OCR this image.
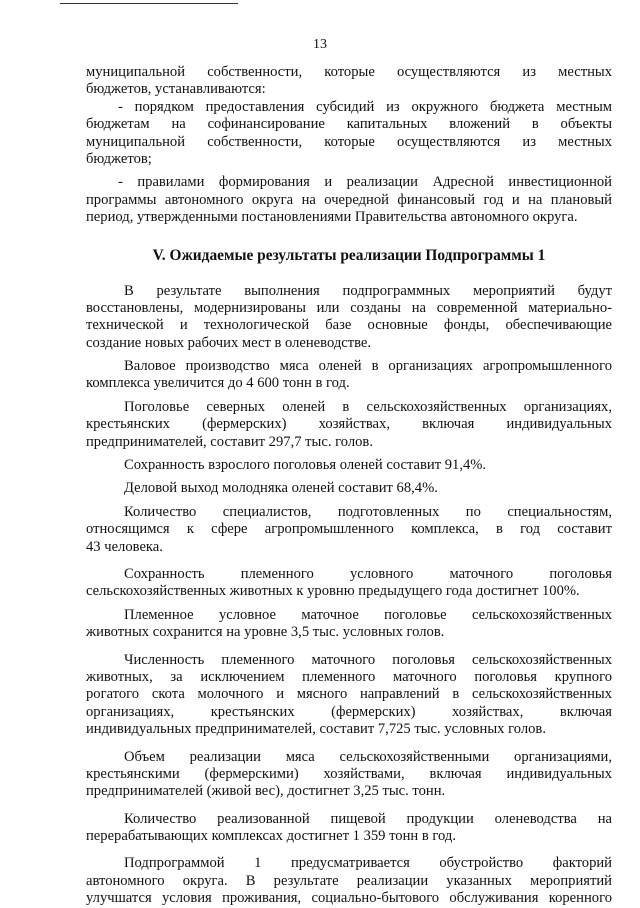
13
муниципальной собственности, которые осуществляются из местных
бюджетов, устанавливаются:
- порядком предоставления субсидий из окружного бюджета местным
бюджетам на софинансирование капитальных вложений в объекты
муниципальной собственности, которые осуществляются из местных
бюджетов;
- правилами формирования и реализации Адресной инвестиционной
программы автономного округа на очередной финансовый год и на плановый
период, утвержденными постановлениями Правительства автономного округа.
V. Ожидаемые результаты реализации Подпрограммы 1
В результате выполнения подпрограммных мероприятий будут
восстановлены, модернизированы или созданы на современной материально-
технической и технологической базе основные фонды, обеспечивающие
создание новых рабочих мест в оленеводстве.
Валовое производство мяса оленей в организациях агропромышленного
комплекса увеличится до 4 600 тонн в год.
Поголовье северных оленей в сельскохозяйственных организациях,
крестьянских (фермерских) хозяйствах, включая индивидуальных
предпринимателей, составит 297,7 тыс. голов.
Сохранность взрослого поголовья оленей составит 91,4%.
Деловой выход молодняка оленей составит 68,4%.
Количество специалистов, подготовленных по специальностям,
относящимся к сфере агропромышленного комплекса, в год составит
43 человека.
Сохранность племенного условного маточного поголовья
сельскохозяйственных животных к уровню предыдущего года достигнет 100%.
Племенное условное маточное поголовье сельскохозяйственных
животных сохранится на уровне 3,5 тыс. условных голов.
Численность племенного маточного поголовья сельскохозяйственных
животных, за исключением племенного маточного поголовья крупного
рогатого скота молочного и мясного направлений в сельскохозяйственных
организациях, крестьянских (фермерских) хозяйствах, включая
индивидуальных предпринимателей, составит 7,725 тыс. условных голов.
Объем реализации мяса сельскохозяйственными организациями,
крестьянскими (фермерскими) хозяйствами, включая индивидуальных
предпринимателей (живой вес), достигнет 3,25 тыс. тонн.
Количество реализованной пищевой продукции оленеводства на
перерабатывающих комплексах достигнет 1 359 тонн в год.
Подпрограммой 1 предусматривается обустройство факторий
автономного округа. В результате реализации указанных мероприятий
улучшатся условия проживания, социально-бытового обслуживания коренного
